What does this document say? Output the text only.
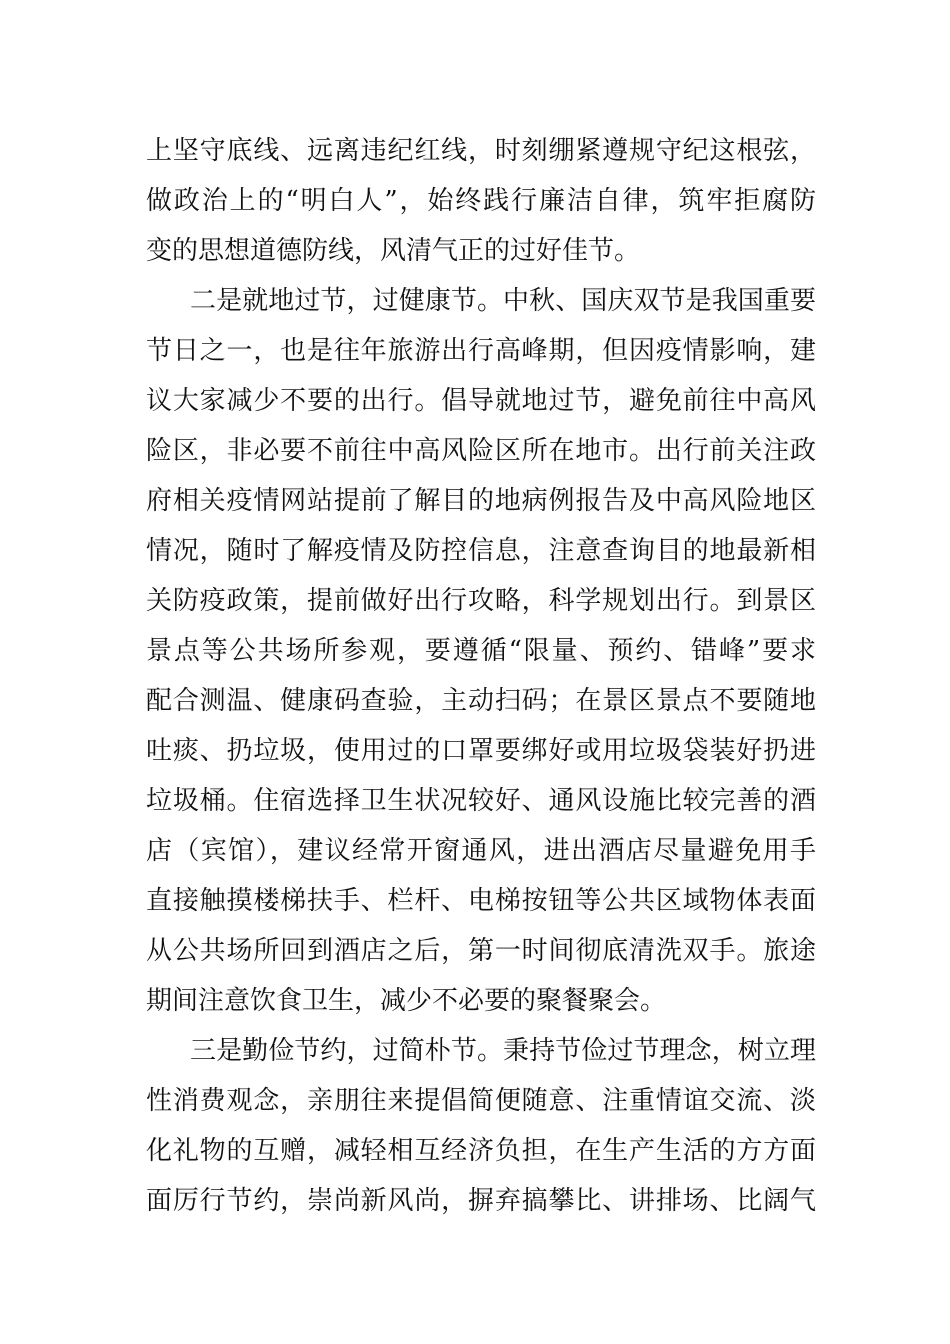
上坚守底线、远离违纪红线，时刻绷紧遵规守纪这根弦，
做政治上的“明白人”，始终践行廉洁自律，筑牢拒腐防
变的思想道德防线，风清气正的过好佳节。
二是就地过节，过健康节。中秋、国庆双节是我国重要
节日之一，也是往年旅游出行高峰期，但因疫情影响，建
议大家减少不要的出行。倡导就地过节，避免前往中高风
险区，非必要不前往中高风险区所在地市。出行前关注政
府相关疫情网站提前了解目的地病例报告及中高风险地区
情况，随时了解疫情及防控信息，注意查询目的地最新相
关防疫政策，提前做好出行攻略，科学规划出行。到景区
景点等公共场所参观，要遵循“限量、预约、错峰”要求
配合测温、健康码查验，主动扫码；在景区景点不要随地
吐痰、扔垃圾，使用过的口罩要绑好或用垃圾袋装好扔进
垃圾桶。住宿选择卫生状况较好、通风设施比较完善的酒
店（宾馆），建议经常开窗通风，进出酒店尽量避免用手
直接触摸楼梯扶手、栏杆、电梯按钮等公共区域物体表面
从公共场所回到酒店之后，第一时间彻底清洗双手。旅途
期间注意饮食卫生，减少不必要的聚餐聚会。
三是勤俭节约，过简朴节。秉持节俭过节理念，树立理
性消费观念，亲朋往来提倡简便随意、注重情谊交流、淡
化礼物的互赠，减轻相互经济负担，在生产生活的方方面
面厉行节约，崇尚新风尚，摒弃搞攀比、讲排场、比阔气
